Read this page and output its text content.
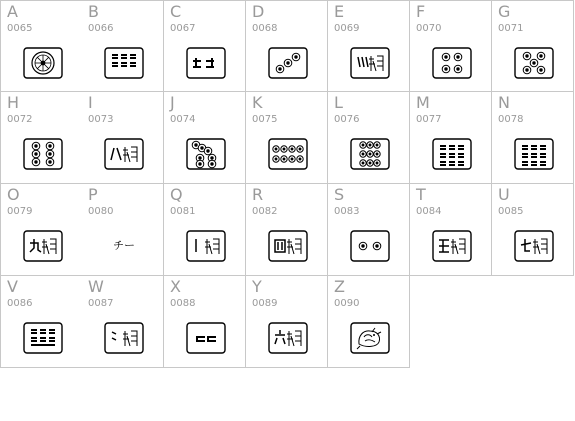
A
0065
B
0066
C
0067
D
0068
E
0069
F
0070
G
0071
H
0072
I
0073
J
0074
K
0075
L
0076
M
0077
N
0078
O
0079
P
0080
チー
Q
0081
R
0082
S
0083
T
0084
U
0085
V
0086
W
0087
X
0088
Y
0089
Z
0090
